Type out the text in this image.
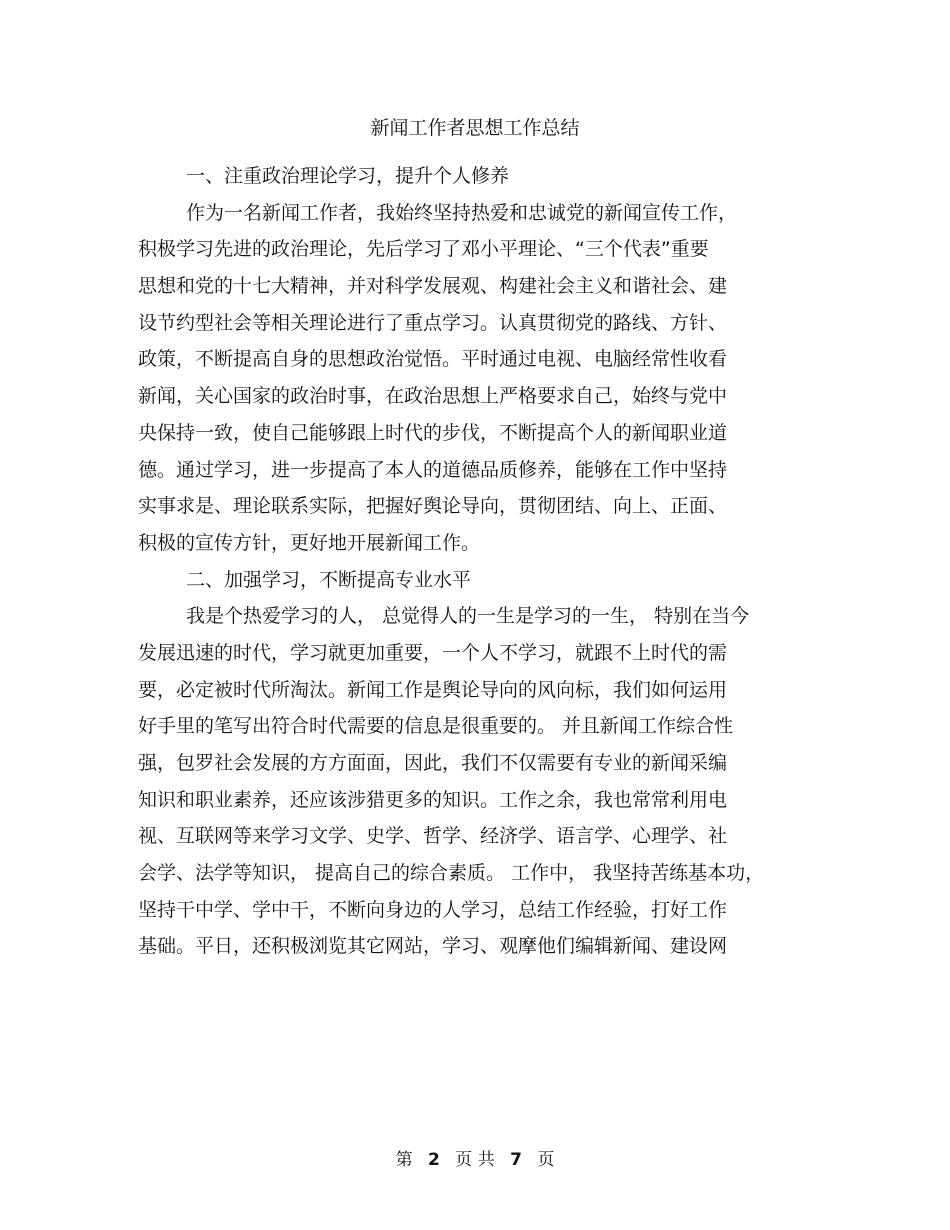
新闻工作者思想工作总结
一、注重政治理论学习，提升个人修养
作为一名新闻工作者，我始终坚持热爱和忠诚党的新闻宣传工作，
积极学习先进的政治理论，先后学习了邓小平理论、“三个代表”重要
思想和党的十七大精神，并对科学发展观、构建社会主义和谐社会、建
设节约型社会等相关理论进行了重点学习。认真贯彻党的路线、方针、
政策，不断提高自身的思想政治觉悟。平时通过电视、电脑经常性收看
新闻，关心国家的政治时事，在政治思想上严格要求自己，始终与党中
央保持一致，使自己能够跟上时代的步伐，不断提高个人的新闻职业道
德。通过学习，进一步提高了本人的道德品质修养，能够在工作中坚持
实事求是、理论联系实际，把握好舆论导向，贯彻团结、向上、正面、
积极的宣传方针，更好地开展新闻工作。
二、加强学习，不断提高专业水平
我是个热爱学习的人， 总觉得人的一生是学习的一生， 特别在当今
发展迅速的时代，学习就更加重要，一个人不学习，就跟不上时代的需
要，必定被时代所淘汰。新闻工作是舆论导向的风向标，我们如何运用
好手里的笔写出符合时代需要的信息是很重要的。 并且新闻工作综合性
强，包罗社会发展的方方面面，因此，我们不仅需要有专业的新闻采编
知识和职业素养，还应该涉猎更多的知识。工作之余，我也常常利用电
视、互联网等来学习文学、史学、哲学、经济学、语言学、心理学、社
会学、法学等知识， 提高自己的综合素质。 工作中， 我坚持苦练基本功，
坚持干中学、学中干，不断向身边的人学习，总结工作经验，打好工作
基础。平日，还积极浏览其它网站，学习、观摩他们编辑新闻、建设网
第 2 页 共 7 页
